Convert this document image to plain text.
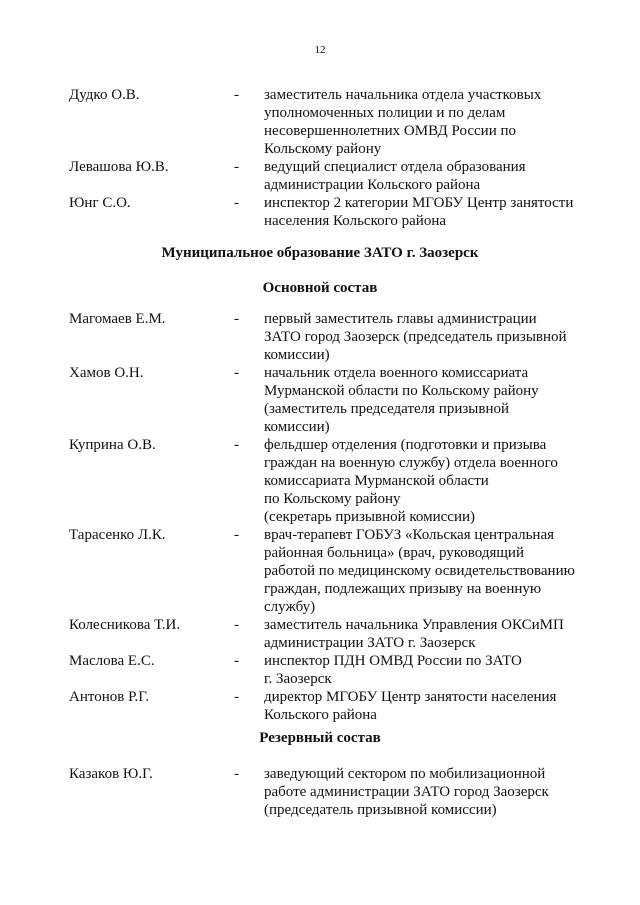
12
Дудко О.В.	- заместитель начальника отдела участковых
уполномоченных полиции и по делам
несовершеннолетних ОМВД России по
Кольскому району
Левашова Ю.В.	- ведущий специалист отдела образования
администрации Кольского района
Юнг С.О.	- инспектор 2 категории МГОБУ Центр занятости
населения Кольского района
Муниципальное образование ЗАТО г. Заозерск
Основной состав
Магомаев Е.М.	- первый заместитель главы администрации
ЗАТО город Заозерск (председатель призывной
комиссии)
Хамов О.Н.	- начальник отдела военного комиссариата
Мурманской области по Кольскому району
(заместитель председателя призывной
комиссии)
Куприна О.В.	- фельдшер отделения (подготовки и призыва
граждан на военную службу) отдела военного
комиссариата Мурманской области
по Кольскому району
(секретарь призывной комиссии)
Тарасенко Л.К.	- врач-терапевт ГОБУЗ «Кольская центральная
районная больница» (врач, руководящий
работой по медицинскому освидетельствованию
граждан, подлежащих призыву на военную
службу)
Колесникова Т.И.	- заместитель начальника Управления ОКСиМП
администрации ЗАТО г. Заозерск
Маслова Е.С.	- инспектор ПДН ОМВД России по ЗАТО
г. Заозерск
Антонов Р.Г.	- директор МГОБУ Центр занятости населения
Кольского района
Резервный состав
Казаков Ю.Г.	- заведующий сектором по мобилизационной
работе администрации ЗАТО город Заозерск
(председатель призывной комиссии)
